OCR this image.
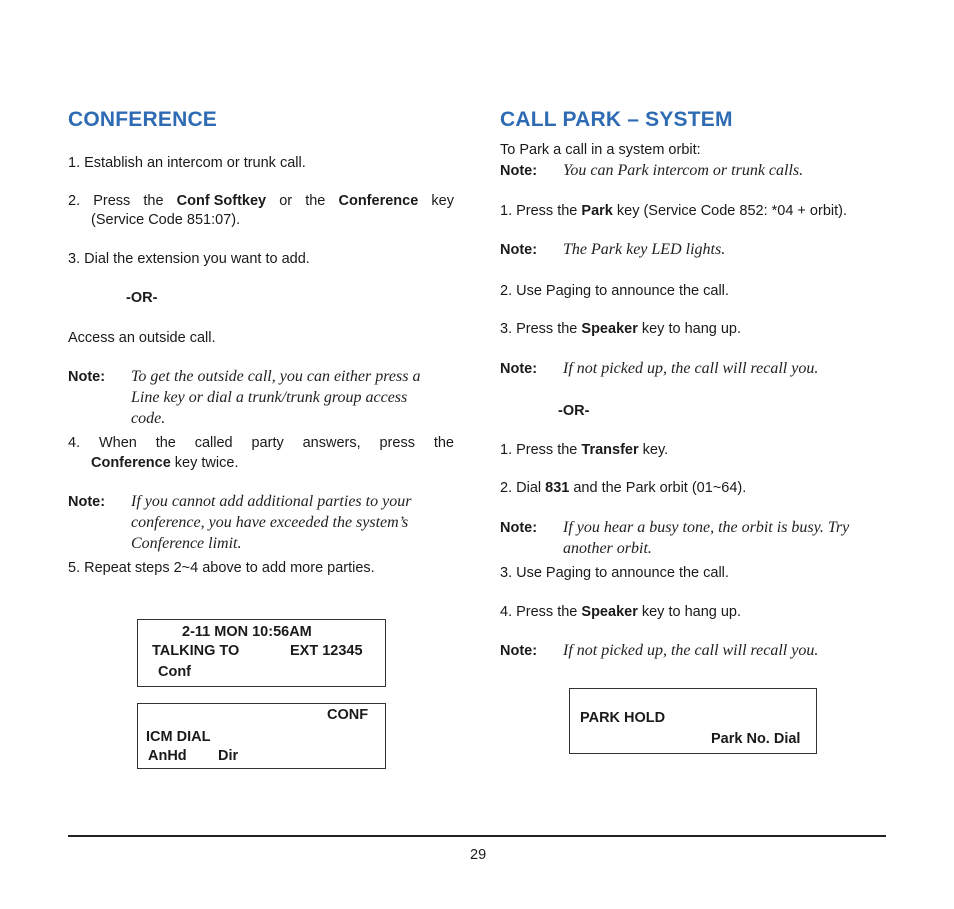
CONFERENCE
1. Establish an intercom or trunk call.
2. Press the Conf Softkey or the Conference key
(Service Code 851:07).
3. Dial the extension you want to add.
-OR-
Access an outside call.
Note: To get the outside call, you can either press a
Line key or dial a trunk/trunk group access
code.
4. When the called party answers, press the
Conference key twice.
Note: If you cannot add additional parties to your
conference, you have exceeded the system’s
Conference limit.
5. Repeat steps 2~4 above to add more parties.
2-11 MON 10:56AM
TALKING TO	EXT 12345
Conf
CONF
ICM DIAL
AnHd Dir
CALL PARK – SYSTEM
To Park a call in a system orbit:
Note: You can Park intercom or trunk calls.
1. Press the Park key (Service Code 852: *04 + orbit).
Note: The Park key LED lights.
2. Use Paging to announce the call.
3. Press the Speaker key to hang up.
Note: If not picked up, the call will recall you.
-OR-
1. Press the Transfer key.
2. Dial 831 and the Park orbit (01~64).
Note: If you hear a busy tone, the orbit is busy. Try
another orbit.
3. Use Paging to announce the call.
4. Press the Speaker key to hang up.
Note: If not picked up, the call will recall you.
PARK HOLD
Park No. Dial
29
